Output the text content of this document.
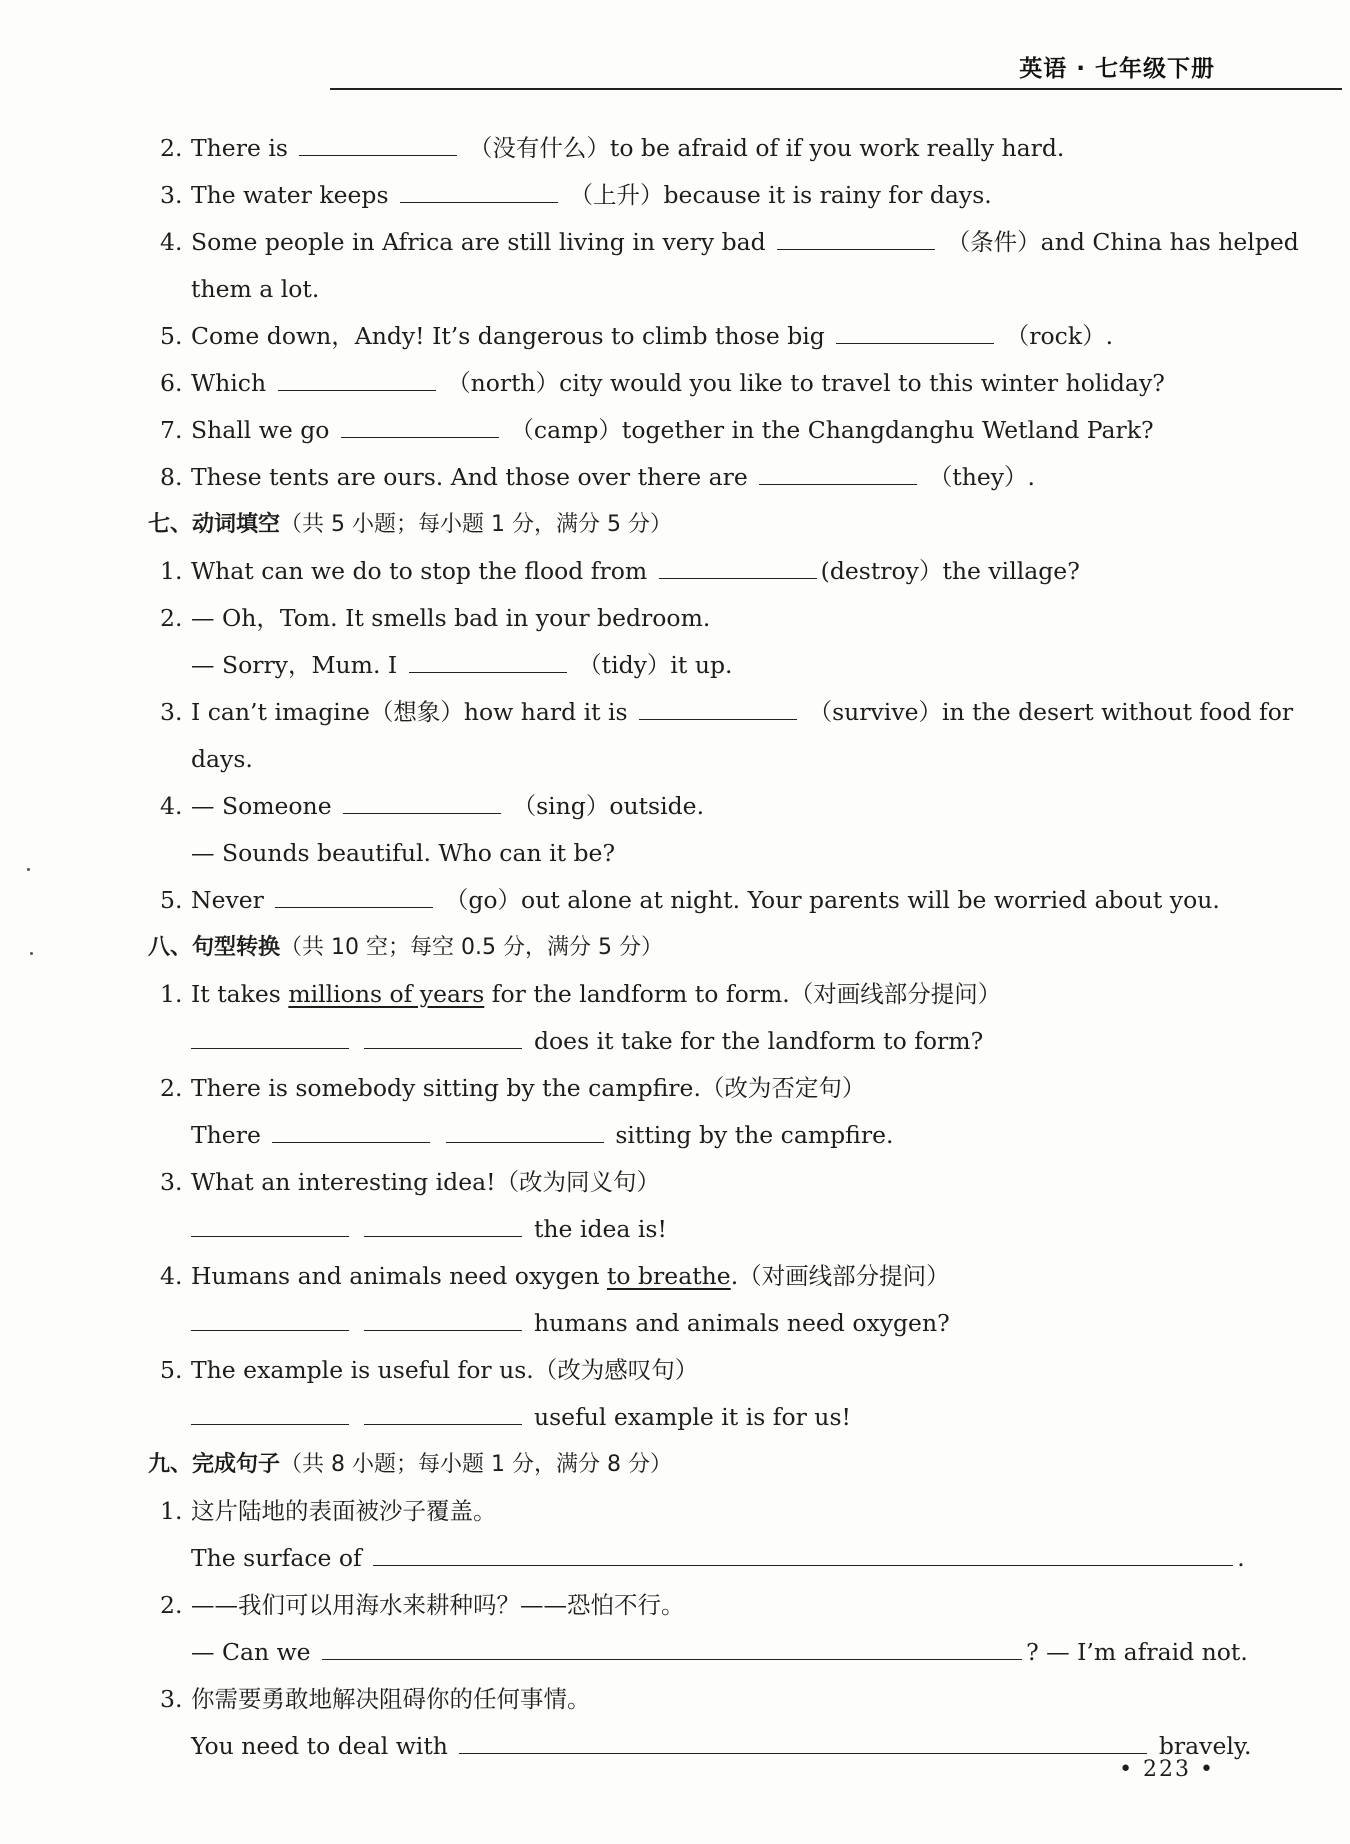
英语 · 七年级下册
2. There is	（没有什么）to be afraid of if you work really hard.
3. The water keeps	（上升）because it is rainy for days.
4. Some people in Africa are still living in very bad	（条件）and China has helped
them a lot.
5. Come down，Andy! It’s dangerous to climb those big	（rock）.
6. Which	（north）city would you like to travel to this winter holiday?
7. Shall we go	（camp）together in the Changdanghu Wetland Park?
8. These tents are ours. And those over there are	（they）.
七、动词填空（共 5 小题；每小题 1 分，满分 5 分）
1. What can we do to stop the flood from	(destroy）the village?
2. — Oh，Tom. It smells bad in your bedroom.
— Sorry，Mum. I	（tidy）it up.
3. I can’t imagine（想象）how hard it is	（survive）in the desert without food for
days.
4. — Someone	（sing）outside.
— Sounds beautiful. Who can it be?
5. Never	（go）out alone at night. Your parents will be worried about you.
八、句型转换（共 10 空；每空 0.5 分，满分 5 分）
1. It takes millions of years for the landform to form.（对画线部分提问）
does it take for the landform to form?
2. There is somebody sitting by the campfire.（改为否定句）
There	sitting by the campfire.
3. What an interesting idea!（改为同义句）
the idea is!
4. Humans and animals need oxygen to breathe.（对画线部分提问）
humans and animals need oxygen?
5. The example is useful for us.（改为感叹句）
useful example it is for us!
九、完成句子（共 8 小题；每小题 1 分，满分 8 分）
1. 这片陆地的表面被沙子覆盖。
The surface of	.
2. ——我们可以用海水来耕种吗？——恐怕不行。
— Can we	? — I’m afraid not.
3. 你需要勇敢地解决阻碍你的任何事情。
You need to deal with	bravely.
• 223 •
